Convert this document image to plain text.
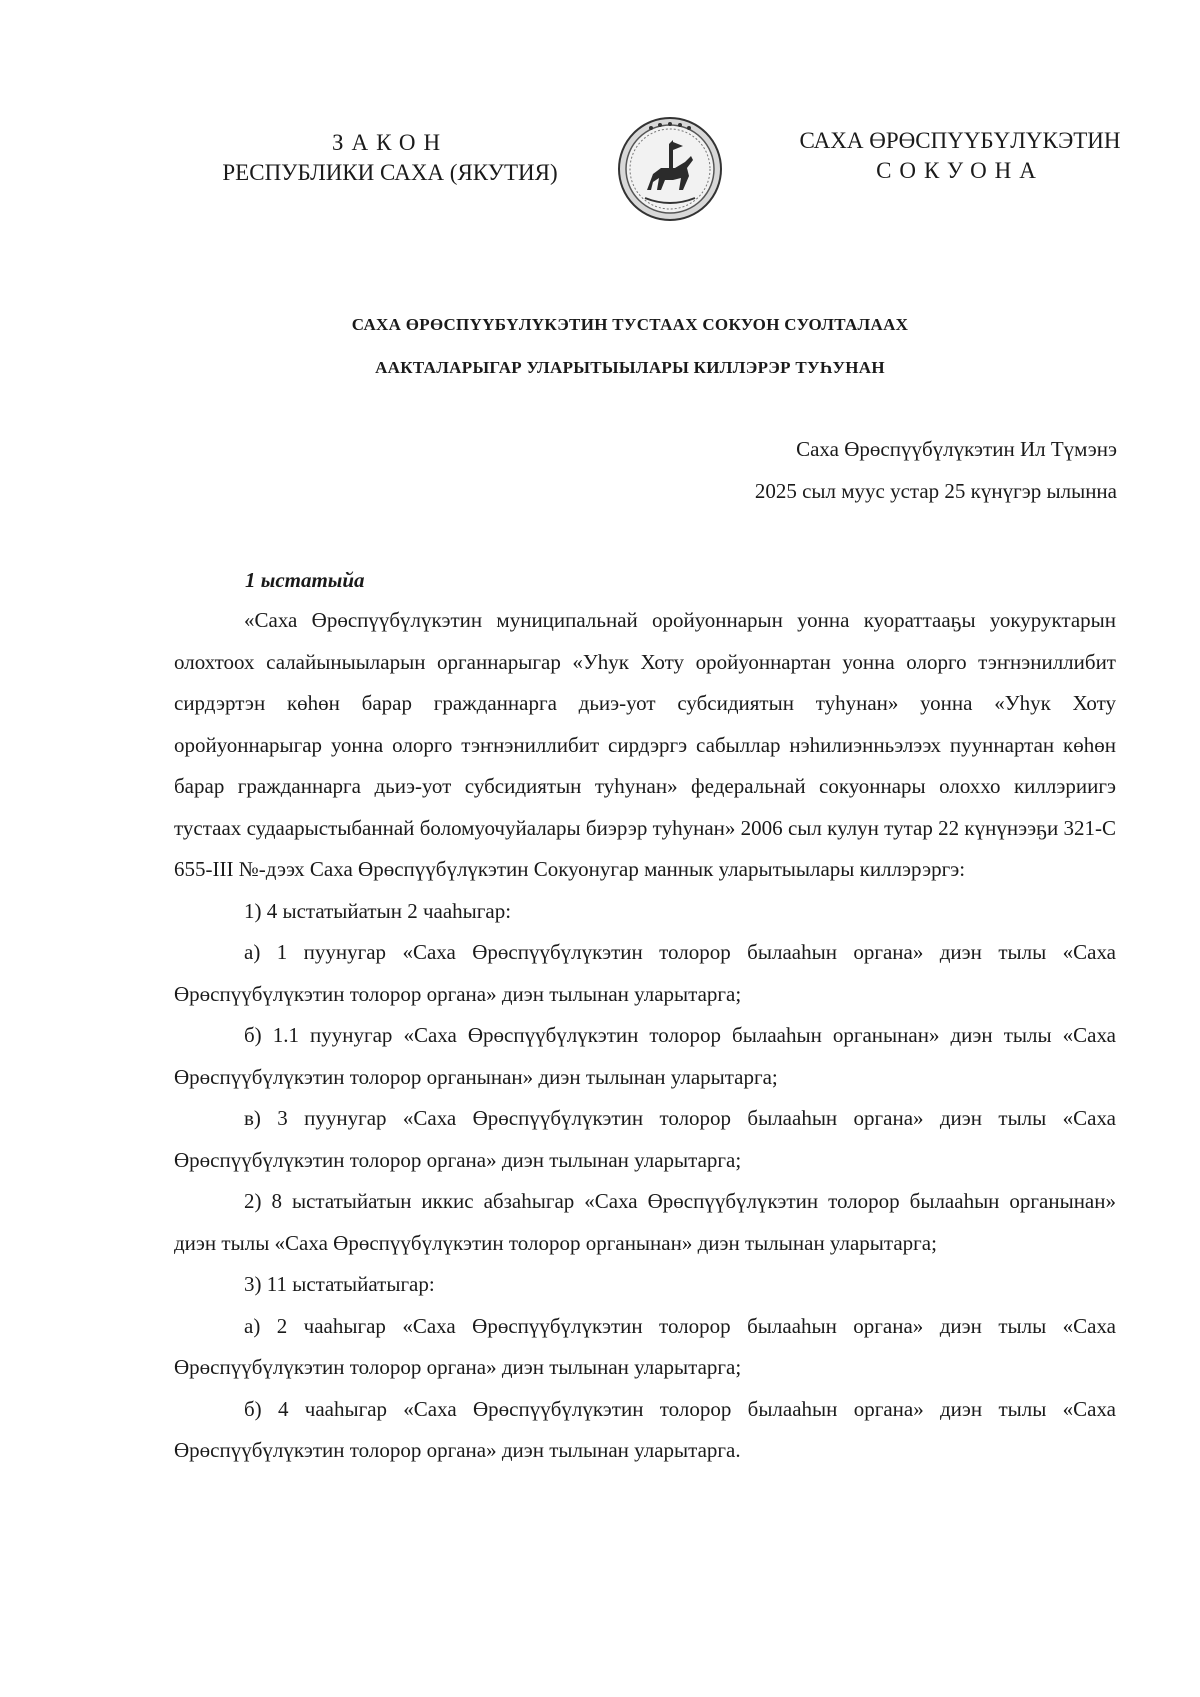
ЗАКОН
РЕСПУБЛИКИ САХА (ЯКУТИЯ)
САХА ӨРӨСПҮҮБҮЛҮКЭТИН
СОКУОНА
САХА ӨРӨСПҮҮБҮЛҮКЭТИН ТУСТААХ СОКУОН СУОЛТАЛААХ
ААКТАЛАРЫГАР УЛАРЫТЫЫЛАРЫ КИЛЛЭРЭР ТУҺУНАН
Саха Өрөспүүбүлүкэтин Ил Түмэнэ
2025 сыл муус устар 25 күнүгэр ылынна
1 ыстатыйа

«Саха Өрөспүүбүлүкэтин муниципальнай оройуоннарын уонна куораттааҕы уокуруктарын олохтоох салайыныыларын органнарыгар «Уһук Хоту оройуоннартан уонна олорго тэҥнэниллибит сирдэртэн көһөн барар гражданнарга дьиэ-уот субсидиятын туһунан» уонна «Уһук Хоту оройуоннарыгар уонна олорго тэҥнэниллибит сирдэргэ сабыллар нэһилиэнньэлээх пууннартан көһөн барар гражданнарга дьиэ-уот субсидиятын туһунан» федеральнай сокуоннары олоххо киллэриигэ тустаах судаарыстыбаннай боломуочуйалары биэрэр туһунан» 2006 сыл кулун тутар 22 күнүнээҕи 321-С 655-III №-дээх Саха Өрөспүүбүлүкэтин Сокуонугар маннык уларытыылары киллэрэргэ:

1) 4 ыстатыйатын 2 чааһыгар:

а) 1 пуунугар «Саха Өрөспүүбүлүкэтин толорор былааһын органа» диэн тылы «Саха Өрөспүүбүлүкэтин толорор органа» диэн тылынан уларытарга;

б) 1.1 пуунугар «Саха Өрөспүүбүлүкэтин толорор былааһын органынан» диэн тылы «Саха Өрөспүүбүлүкэтин толорор органынан» диэн тылынан уларытарга;

в) 3 пуунугар «Саха Өрөспүүбүлүкэтин толорор былааһын органа» диэн тылы «Саха Өрөспүүбүлүкэтин толорор органа» диэн тылынан уларытарга;

2) 8 ыстатыйатын иккис абзаһыгар «Саха Өрөспүүбүлүкэтин толорор былааһын органынан» диэн тылы «Саха Өрөспүүбүлүкэтин толорор органынан» диэн тылынан уларытарга;

3) 11 ыстатыйатыгар:

а) 2 чааһыгар «Саха Өрөспүүбүлүкэтин толорор былааһын органа» диэн тылы «Саха Өрөспүүбүлүкэтин толорор органа» диэн тылынан уларытарга;

б) 4 чааһыгар «Саха Өрөспүүбүлүкэтин толорор былааһын органа» диэн тылы «Саха Өрөспүүбүлүкэтин толорор органа» диэн тылынан уларытарга.
